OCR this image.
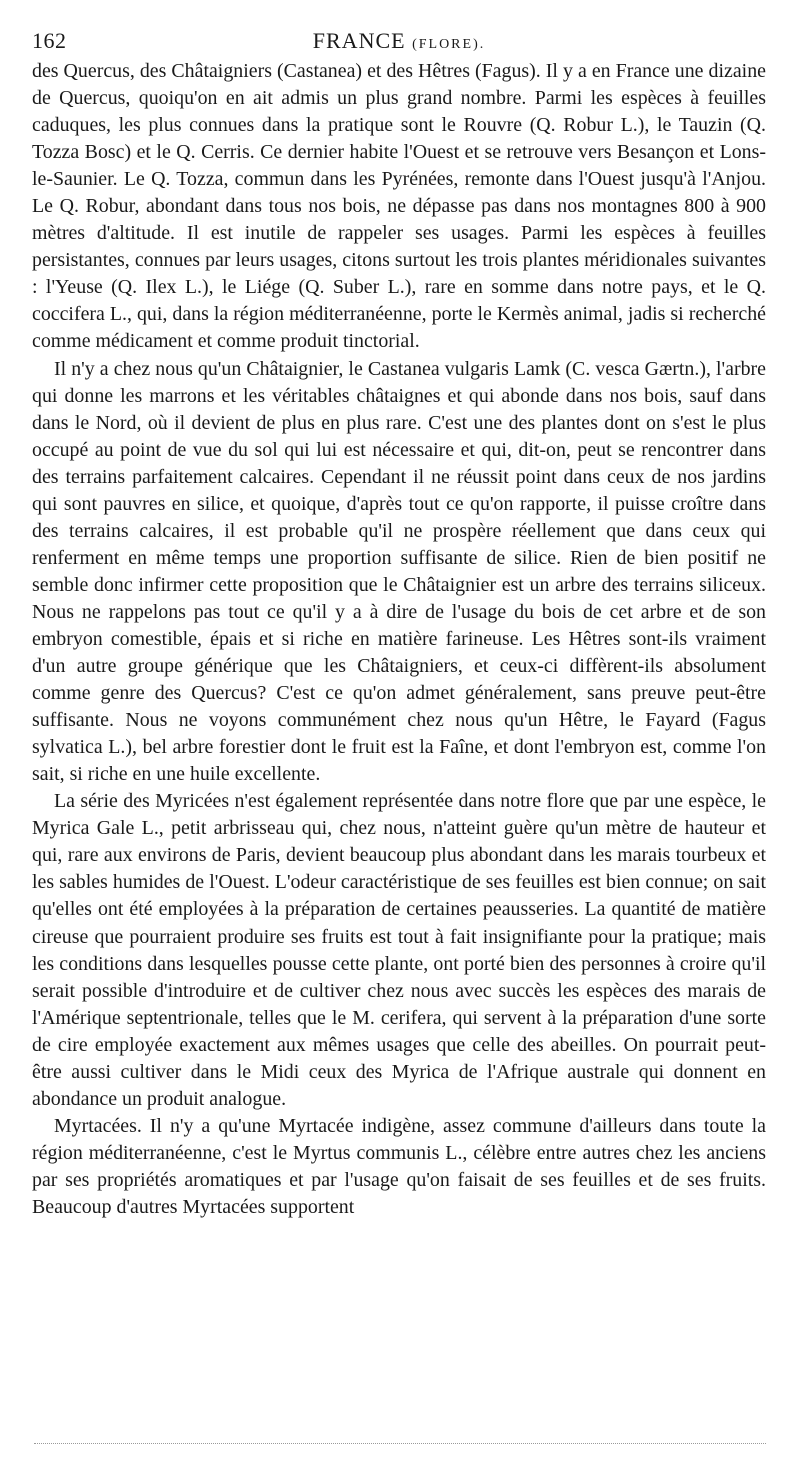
162	FRANCE (FLORE).

des Quercus, des Châtaigniers (Castanea) et des Hêtres (Fagus). Il y a en France une dizaine de Quercus, quoiqu'on en ait admis un plus grand nombre. Parmi les espèces à feuilles caduques, les plus connues dans la pratique sont le Rouvre (Q. Robur L.), le Tauzin (Q. Tozza Bosc) et le Q. Cerris. Ce dernier habite l'Ouest et se retrouve vers Besançon et Lons-le-Saunier. Le Q. Tozza, commun dans les Pyrénées, remonte dans l'Ouest jusqu'à l'Anjou. Le Q. Robur, abondant dans tous nos bois, ne dépasse pas dans nos montagnes 800 à 900 mètres d'altitude. Il est inutile de rappeler ses usages. Parmi les espèces à feuilles persistantes, connues par leurs usages, citons surtout les trois plantes méridionales suivantes : l'Yeuse (Q. Ilex L.), le Liége (Q. Suber L.), rare en somme dans notre pays, et le Q. coccifera L., qui, dans la région méditerranéenne, porte le Kermès animal, jadis si recherché comme médicament et comme produit tinctorial.

Il n'y a chez nous qu'un Châtaignier, le Castanea vulgaris Lamk (C. vesca Gærtn.), l'arbre qui donne les marrons et les véritables châtaignes et qui abonde dans nos bois, sauf dans dans le Nord, où il devient de plus en plus rare. C'est une des plantes dont on s'est le plus occupé au point de vue du sol qui lui est nécessaire et qui, dit-on, peut se rencontrer dans des terrains parfaitement calcaires. Cependant il ne réussit point dans ceux de nos jardins qui sont pauvres en silice, et quoique, d'après tout ce qu'on rapporte, il puisse croître dans des terrains calcaires, il est probable qu'il ne prospère réellement que dans ceux qui renferment en même temps une proportion suffisante de silice. Rien de bien positif ne semble donc infirmer cette proposition que le Châtaignier est un arbre des terrains siliceux. Nous ne rappelons pas tout ce qu'il y a à dire de l'usage du bois de cet arbre et de son embryon comestible, épais et si riche en matière farineuse. Les Hêtres sont-ils vraiment d'un autre groupe générique que les Châtaigniers, et ceux-ci diffèrent-ils absolument comme genre des Quercus? C'est ce qu'on admet généralement, sans preuve peut-être suffisante. Nous ne voyons communément chez nous qu'un Hêtre, le Fayard (Fagus sylvatica L.), bel arbre forestier dont le fruit est la Faîne, et dont l'embryon est, comme l'on sait, si riche en une huile excellente.

La série des Myricées n'est également représentée dans notre flore que par une espèce, le Myrica Gale L., petit arbrisseau qui, chez nous, n'atteint guère qu'un mètre de hauteur et qui, rare aux environs de Paris, devient beaucoup plus abondant dans les marais tourbeux et les sables humides de l'Ouest. L'odeur caractéristique de ses feuilles est bien connue; on sait qu'elles ont été employées à la préparation de certaines peausseries. La quantité de matière cireuse que pourraient produire ses fruits est tout à fait insignifiante pour la pratique; mais les conditions dans lesquelles pousse cette plante, ont porté bien des personnes à croire qu'il serait possible d'introduire et de cultiver chez nous avec succès les espèces des marais de l'Amérique septentrionale, telles que le M. cerifera, qui servent à la préparation d'une sorte de cire employée exactement aux mêmes usages que celle des abeilles. On pourrait peut-être aussi cultiver dans le Midi ceux des Myrica de l'Afrique australe qui donnent en abondance un produit analogue.

Myrtacées. Il n'y a qu'une Myrtacée indigène, assez commune d'ailleurs dans toute la région méditerranéenne, c'est le Myrtus communis L., célèbre entre autres chez les anciens par ses propriétés aromatiques et par l'usage qu'on faisait de ses feuilles et de ses fruits. Beaucoup d'autres Myrtacées supportent
